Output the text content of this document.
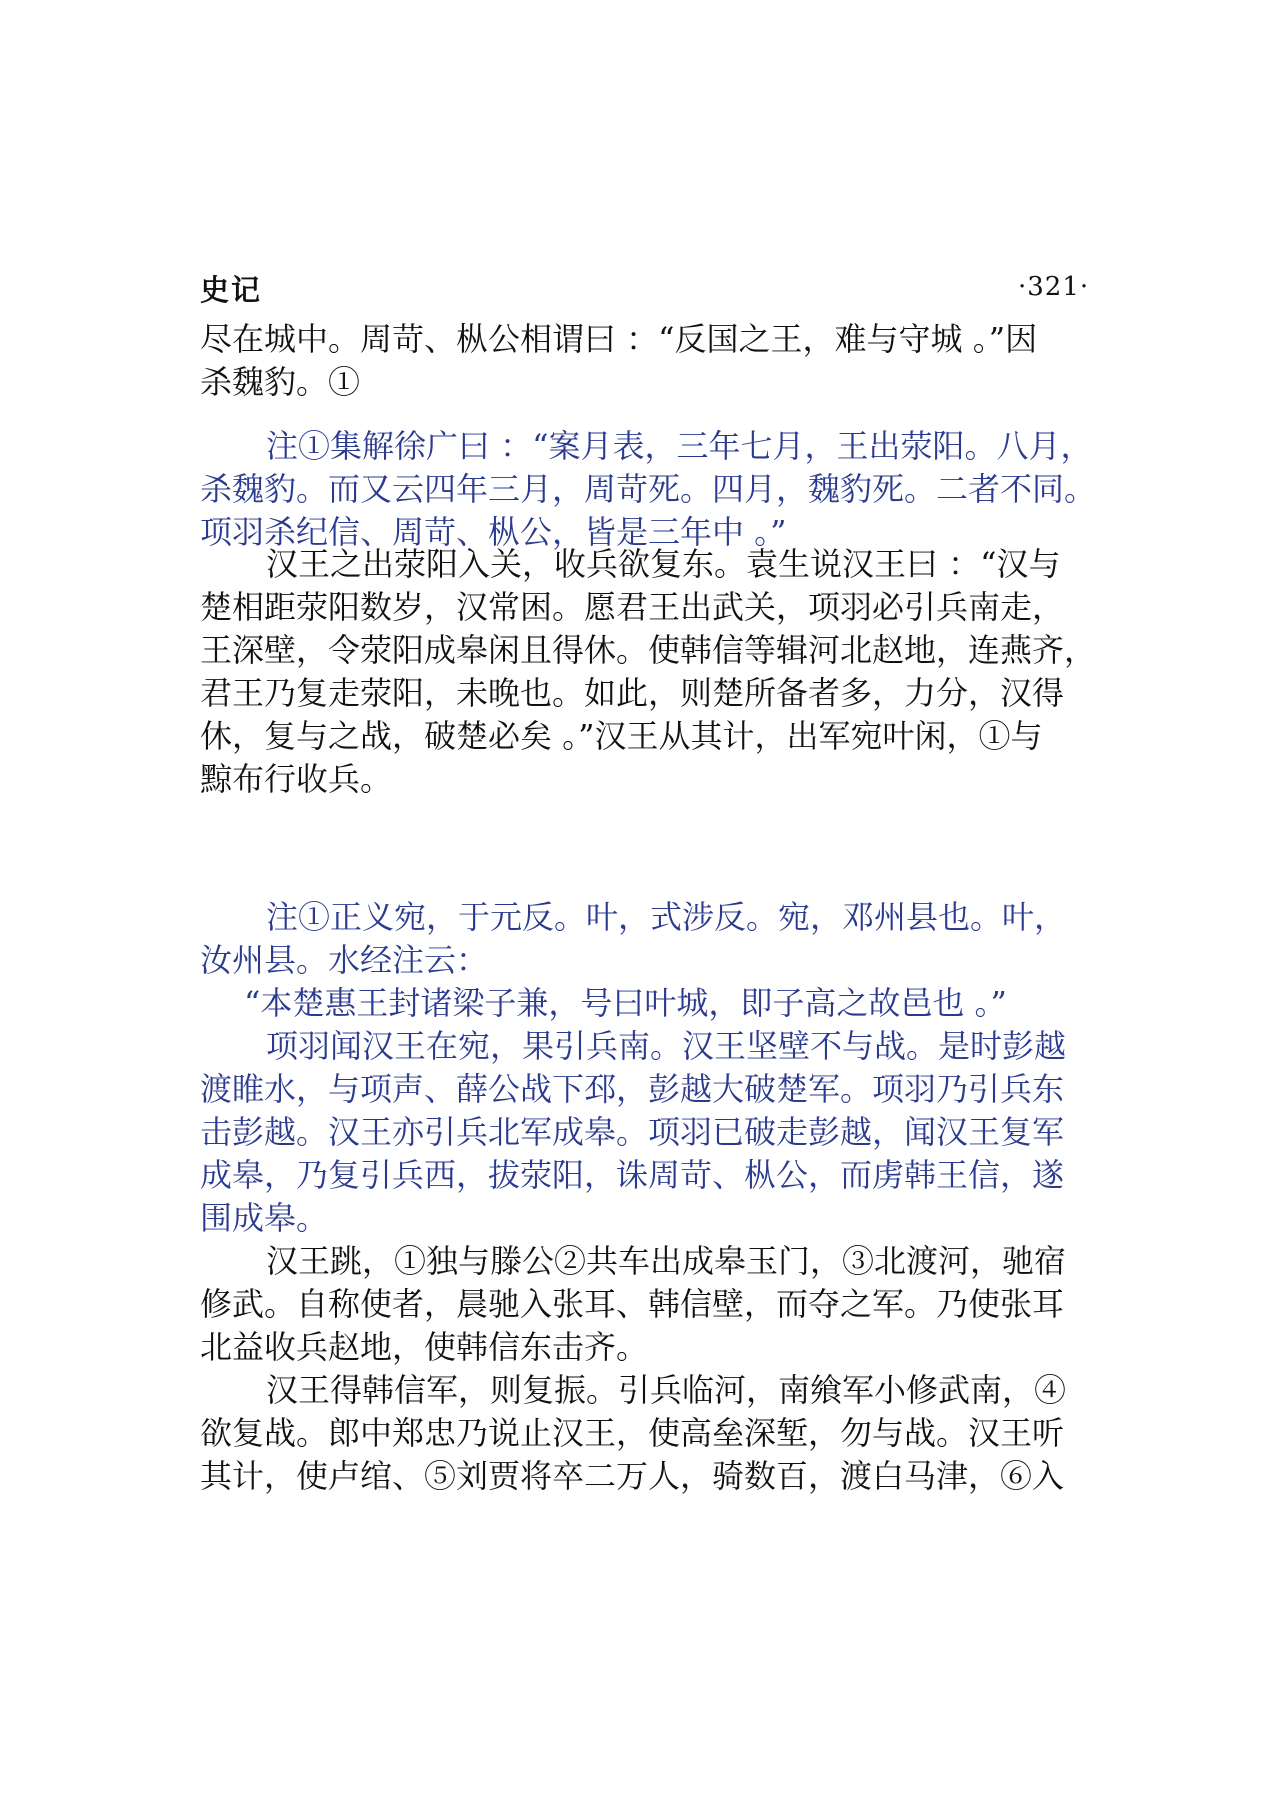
史记	·321·
尽在城中。周苛、枞公相谓曰 ：“反国之王，难与守城 。”因
杀魏豹。①
注①集解徐广曰 ：“案月表，三年七月，王出荥阳。八月，
杀魏豹。而又云四年三月，周苛死。四月，魏豹死。二者不同。
项羽杀纪信、周苛、枞公，皆是三年中 。”
汉王之出荥阳入关，收兵欲复东。袁生说汉王曰 ：“汉与
楚相距荥阳数岁，汉常困。愿君王出武关，项羽必引兵南走，
王深壁，令荥阳成皋闲且得休。使韩信等辑河北赵地，连燕齐，
君王乃复走荥阳，未晚也。如此，则楚所备者多，力分，汉得
休，复与之战，破楚必矣 。”汉王从其计，出军宛叶闲，①与
黥布行收兵。
注①正义宛，于元反。叶，式涉反。宛，邓州县也。叶，
汝州县。水经注云：
“本楚惠王封诸梁子兼，号曰叶城，即子高之故邑也 。”
项羽闻汉王在宛，果引兵南。汉王坚壁不与战。是时彭越
渡睢水，与项声、薛公战下邳，彭越大破楚军。项羽乃引兵东
击彭越。汉王亦引兵北军成皋。项羽已破走彭越，闻汉王复军
成皋，乃复引兵西，拔荥阳，诛周苛、枞公，而虏韩王信，遂
围成皋。
汉王跳，①独与滕公②共车出成皋玉门，③北渡河，驰宿
修武。自称使者，晨驰入张耳、韩信壁，而夺之军。乃使张耳
北益收兵赵地，使韩信东击齐。
汉王得韩信军，则复振。引兵临河，南飨军小修武南，④
欲复战。郎中郑忠乃说止汉王，使高垒深堑，勿与战。汉王听
其计，使卢绾、⑤刘贾将卒二万人，骑数百，渡白马津，⑥入
